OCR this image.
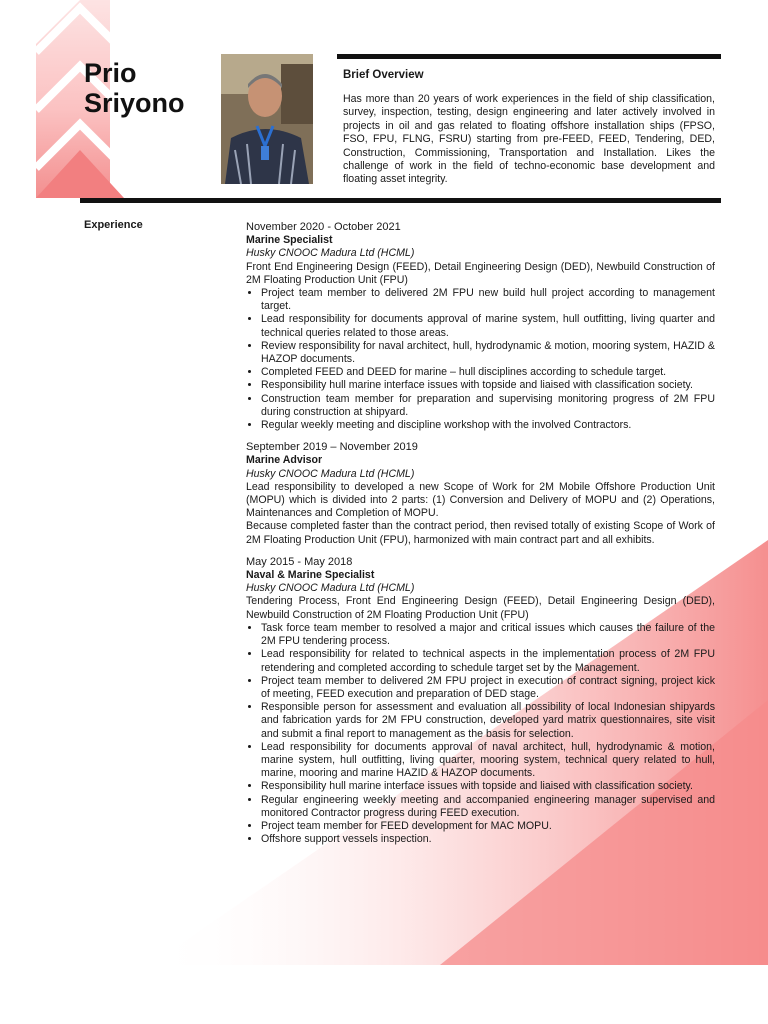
Prio
Sriyono
Brief Overview
Has more than 20 years of work experiences in the field of ship classification, survey, inspection, testing, design engineering and later actively involved in projects in oil and gas related to floating offshore installation ships (FPSO, FSO, FPU, FLNG, FSRU) starting from pre-FEED, FEED, Tendering, DED, Construction, Commissioning, Transportation and Installation. Likes the challenge of work in the field of techno-economic base development and floating asset integrity.
Experience	November 2020 - October 2021
Marine Specialist
Husky CNOOC Madura Ltd (HCML)

Front End Engineering Design (FEED), Detail Engineering Design (DED), Newbuild Construction of 2M Floating Production Unit (FPU)

• Project team member to delivered 2M FPU new build hull project according to management target.
• Lead responsibility for documents approval of marine system, hull outfitting, living quarter and technical queries related to those areas.
• Review responsibility for naval architect, hull, hydrodynamic & motion, mooring system, HAZID & HAZOP documents.
• Completed FEED and DEED for marine – hull disciplines according to schedule target.
• Responsibility hull marine interface issues with topside and liaised with classification society.
• Construction team member for preparation and supervising monitoring progress of 2M FPU during construction at shipyard.
• Regular weekly meeting and discipline workshop with the involved Contractors.
September 2019 – November 2019
Marine Advisor
Husky CNOOC Madura Ltd (HCML)

Lead responsibility to developed a new Scope of Work for 2M Mobile Offshore Production Unit (MOPU) which is divided into 2 parts: (1) Conversion and Delivery of MOPU and (2) Operations, Maintenances and Completion of MOPU.

Because completed faster than the contract period, then revised totally of existing Scope of Work of 2M Floating Production Unit (FPU), harmonized with main contract part and all exhibits.

May 2015 - May 2018
Naval & Marine Specialist
Husky CNOOC Madura Ltd (HCML)

Tendering Process, Front End Engineering Design (FEED), Detail Engineering Design (DED), Newbuild Construction of 2M Floating Production Unit (FPU)

• Task force team member to resolved a major and critical issues which causes the failure of the 2M FPU tendering process.
• Lead responsibility for related to technical aspects in the implementation process of 2M FPU retendering and completed according to schedule target set by the Management.
• Project team member to delivered 2M FPU project in execution of contract signing, project kick of meeting, FEED execution and preparation of DED stage.
• Responsible person for assessment and evaluation all possibility of local Indonesian shipyards and fabrication yards for 2M FPU construction, developed yard matrix questionnaires, site visit and submit a final report to management as the basis for selection.
• Lead responsibility for documents approval of naval architect, hull, hydrodynamic & motion, marine system, hull outfitting, living quarter, mooring system, technical query related to hull, marine, mooring and marine HAZID & HAZOP documents.
• Responsibility hull marine interface issues with topside and liaised with classification society.
• Regular engineering weekly meeting and accompanied engineering manager supervised and monitored Contractor progress during FEED execution.
• Project team member for FEED development for MAC MOPU.
• Offshore support vessels inspection.
